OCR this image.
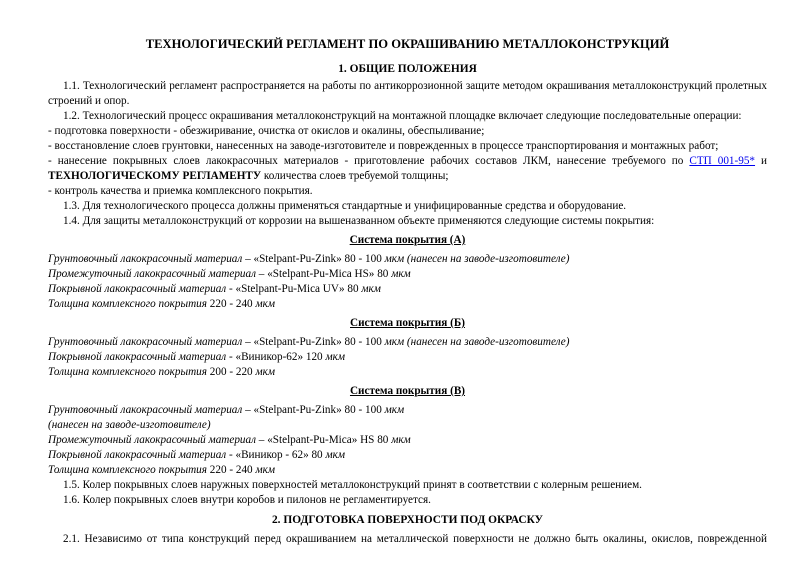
ТЕХНОЛОГИЧЕСКИЙ РЕГЛАМЕНТ ПО ОКРАШИВАНИЮ МЕТАЛЛОКОНСТРУКЦИЙ
1. ОБЩИЕ ПОЛОЖЕНИЯ

1.1. Технологический регламент распространяется на работы по антикоррозионной защите методом окрашивания металлоконструкций пролетных строений и опор.

1.2. Технологический процесс окрашивания металлоконструкций на монтажной площадке включает следующие последовательные операции:

- подготовка поверхности - обезжиривание, очистка от окислов и окалины, обеспыливание;

- восстановление слоев грунтовки, нанесенных на заводе-изготовителе и поврежденных в процессе транспортирования и монтажных работ;

- нанесение покрывных слоев лакокрасочных материалов - приготовление рабочих составов ЛКМ, нанесение требуемого по СТП 001-95* и ТЕХНОЛОГИЧЕСКОМУ РЕГЛАМЕНТУ количества слоев требуемой толщины;

- контроль качества и приемка комплексного покрытия.

1.3. Для технологического процесса должны применяться стандартные и унифицированные средства и оборудование.

1.4. Для защиты металлоконструкций от коррозии на вышеназванном объекте применяются следующие системы покрытия:

Система покрытия (А)

Грунтовочный лакокрасочный материал – «Stelpant-Pu-Zink» 80 - 100 мкм (нанесен на заводе-изготовителе)

Промежуточный лакокрасочный материал – «Stelpant-Pu-Mica HS» 80 мкм

Покрывной лакокрасочный материал - «Stelpant-Pu-Mica UV» 80 мкм

Толщина комплексного покрытия 220 - 240 мкм

Система покрытия (Б)

Грунтовочный лакокрасочный материал – «Stelpant-Pu-Zink» 80 - 100 мкм (нанесен на заводе-изготовителе)

Покрывной лакокрасочный материал - «Виникор-62» 120 мкм

Толщина комплексного покрытия 200 - 220 мкм

Система покрытия (В)

Грунтовочный лакокрасочный материал – «Stelpant-Pu-Zink» 80 - 100 мкм

(нанесен на заводе-изготовителе)

Промежуточный лакокрасочный материал – «Stelpant-Pu-Mica» HS 80 мкм

Покрывной лакокрасочный материал - «Виникор - 62» 80 мкм

Толщина комплексного покрытия 220 - 240 мкм

1.5. Колер покрывных слоев наружных поверхностей металлоконструкций принят в соответствии с колерным решением.

1.6. Колер покрывных слоев внутри коробов и пилонов не регламентируется.

2. ПОДГОТОВКА ПОВЕРХНОСТИ ПОД ОКРАСКУ

2.1. Независимо от типа конструкций перед окрашиванием на металлической поверхности не должно быть окалины, окислов, поврежденной
